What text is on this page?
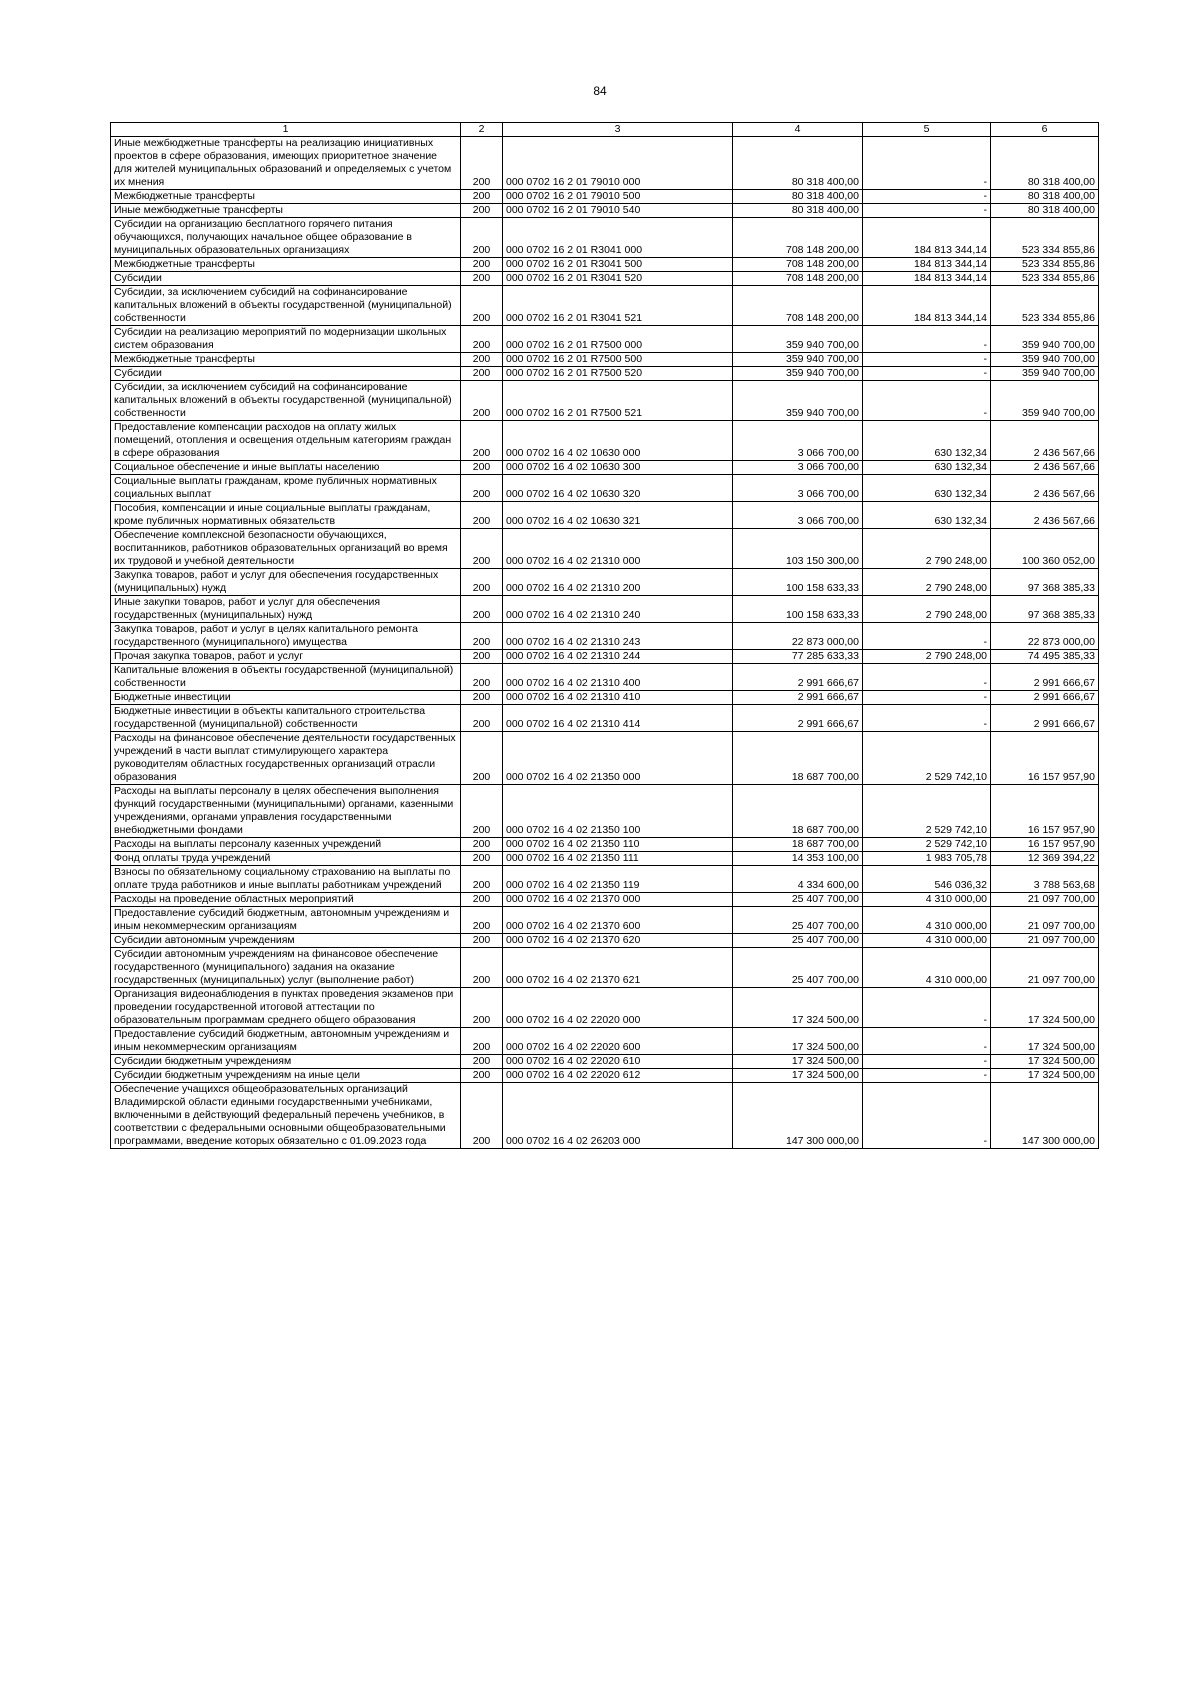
84
1	2	3	4	5	6
Иные межбюджетные трансферты на реализацию инициативных проектов в сфере образования, имеющих приоритетное значение для жителей муниципальных образований и определяемых с учетом их мнения	200	000 0702 16 2 01 79010 000	80 318 400,00	-	80 318 400,00
Межбюджетные трансферты	200	000 0702 16 2 01 79010 500	80 318 400,00	-	80 318 400,00
Иные межбюджетные трансферты	200	000 0702 16 2 01 79010 540	80 318 400,00	-	80 318 400,00
Субсидии на организацию бесплатного горячего питания обучающихся, получающих начальное общее образование в муниципальных образовательных организациях	200	000 0702 16 2 01 R3041 000	708 148 200,00	184 813 344,14	523 334 855,86
Межбюджетные трансферты	200	000 0702 16 2 01 R3041 500	708 148 200,00	184 813 344,14	523 334 855,86
Субсидии	200	000 0702 16 2 01 R3041 520	708 148 200,00	184 813 344,14	523 334 855,86
Субсидии, за исключением субсидий на софинансирование капитальных вложений в объекты государственной (муниципальной) собственности	200	000 0702 16 2 01 R3041 521	708 148 200,00	184 813 344,14	523 334 855,86
Субсидии на реализацию мероприятий по модернизации школьных систем образования	200	000 0702 16 2 01 R7500 000	359 940 700,00	-	359 940 700,00
Межбюджетные трансферты	200	000 0702 16 2 01 R7500 500	359 940 700,00	-	359 940 700,00
Субсидии	200	000 0702 16 2 01 R7500 520	359 940 700,00	-	359 940 700,00
Субсидии, за исключением субсидий на софинансирование капитальных вложений в объекты государственной (муниципальной) собственности	200	000 0702 16 2 01 R7500 521	359 940 700,00	-	359 940 700,00
Предоставление компенсации расходов на оплату жилых помещений, отопления и освещения отдельным категориям граждан в сфере образования	200	000 0702 16 4 02 10630 000	3 066 700,00	630 132,34	2 436 567,66
Социальное обеспечение и иные выплаты населению	200	000 0702 16 4 02 10630 300	3 066 700,00	630 132,34	2 436 567,66
Социальные выплаты гражданам, кроме публичных нормативных социальных выплат	200	000 0702 16 4 02 10630 320	3 066 700,00	630 132,34	2 436 567,66
Пособия, компенсации и иные социальные выплаты гражданам, кроме публичных нормативных обязательств	200	000 0702 16 4 02 10630 321	3 066 700,00	630 132,34	2 436 567,66
Обеспечение комплексной безопасности обучающихся, воспитанников, работников образовательных организаций во время их трудовой и учебной деятельности	200	000 0702 16 4 02 21310 000	103 150 300,00	2 790 248,00	100 360 052,00
Закупка товаров, работ и услуг для обеспечения государственных (муниципальных) нужд	200	000 0702 16 4 02 21310 200	100 158 633,33	2 790 248,00	97 368 385,33
Иные закупки товаров, работ и услуг для обеспечения государственных (муниципальных) нужд	200	000 0702 16 4 02 21310 240	100 158 633,33	2 790 248,00	97 368 385,33
Закупка товаров, работ и услуг в целях капитального ремонта государственного (муниципального) имущества	200	000 0702 16 4 02 21310 243	22 873 000,00	-	22 873 000,00
Прочая закупка товаров, работ и услуг	200	000 0702 16 4 02 21310 244	77 285 633,33	2 790 248,00	74 495 385,33
Капитальные вложения в объекты государственной (муниципальной) собственности	200	000 0702 16 4 02 21310 400	2 991 666,67	-	2 991 666,67
Бюджетные инвестиции	200	000 0702 16 4 02 21310 410	2 991 666,67	-	2 991 666,67
Бюджетные инвестиции в объекты капитального строительства государственной (муниципальной) собственности	200	000 0702 16 4 02 21310 414	2 991 666,67	-	2 991 666,67
Расходы на финансовое обеспечение деятельности государственных учреждений в части выплат стимулирующего характера руководителям областных государственных организаций отрасли образования	200	000 0702 16 4 02 21350 000	18 687 700,00	2 529 742,10	16 157 957,90
Расходы на выплаты персоналу в целях обеспечения выполнения функций государственными (муниципальными) органами, казенными учреждениями, органами управления государственными внебюджетными фондами	200	000 0702 16 4 02 21350 100	18 687 700,00	2 529 742,10	16 157 957,90
Расходы на выплаты персоналу казенных учреждений	200	000 0702 16 4 02 21350 110	18 687 700,00	2 529 742,10	16 157 957,90
Фонд оплаты труда учреждений	200	000 0702 16 4 02 21350 111	14 353 100,00	1 983 705,78	12 369 394,22
Взносы по обязательному социальному страхованию на выплаты по оплате труда работников и иные выплаты работникам учреждений	200	000 0702 16 4 02 21350 119	4 334 600,00	546 036,32	3 788 563,68
Расходы на проведение областных мероприятий	200	000 0702 16 4 02 21370 000	25 407 700,00	4 310 000,00	21 097 700,00
Предоставление субсидий бюджетным, автономным учреждениям и иным некоммерческим организациям	200	000 0702 16 4 02 21370 600	25 407 700,00	4 310 000,00	21 097 700,00
Субсидии автономным учреждениям	200	000 0702 16 4 02 21370 620	25 407 700,00	4 310 000,00	21 097 700,00
Субсидии автономным учреждениям на финансовое обеспечение государственного (муниципального) задания на оказание государственных (муниципальных) услуг (выполнение работ)	200	000 0702 16 4 02 21370 621	25 407 700,00	4 310 000,00	21 097 700,00
Организация видеонаблюдения в пунктах проведения экзаменов при проведении государственной итоговой аттестации по образовательным программам среднего общего образования	200	000 0702 16 4 02 22020 000	17 324 500,00	-	17 324 500,00
Предоставление субсидий бюджетным, автономным учреждениям и иным некоммерческим организациям	200	000 0702 16 4 02 22020 600	17 324 500,00	-	17 324 500,00
Субсидии бюджетным учреждениям	200	000 0702 16 4 02 22020 610	17 324 500,00	-	17 324 500,00
Субсидии бюджетным учреждениям на иные цели	200	000 0702 16 4 02 22020 612	17 324 500,00	-	17 324 500,00
Обеспечение учащихся общеобразовательных организаций Владимирской области едиными государственными учебниками, включенными в действующий федеральный перечень учебников, в соответствии с федеральными основными общеобразовательными программами, введение которых обязательно с 01.09.2023 года	200	000 0702 16 4 02 26203 000	147 300 000,00	-	147 300 000,00
